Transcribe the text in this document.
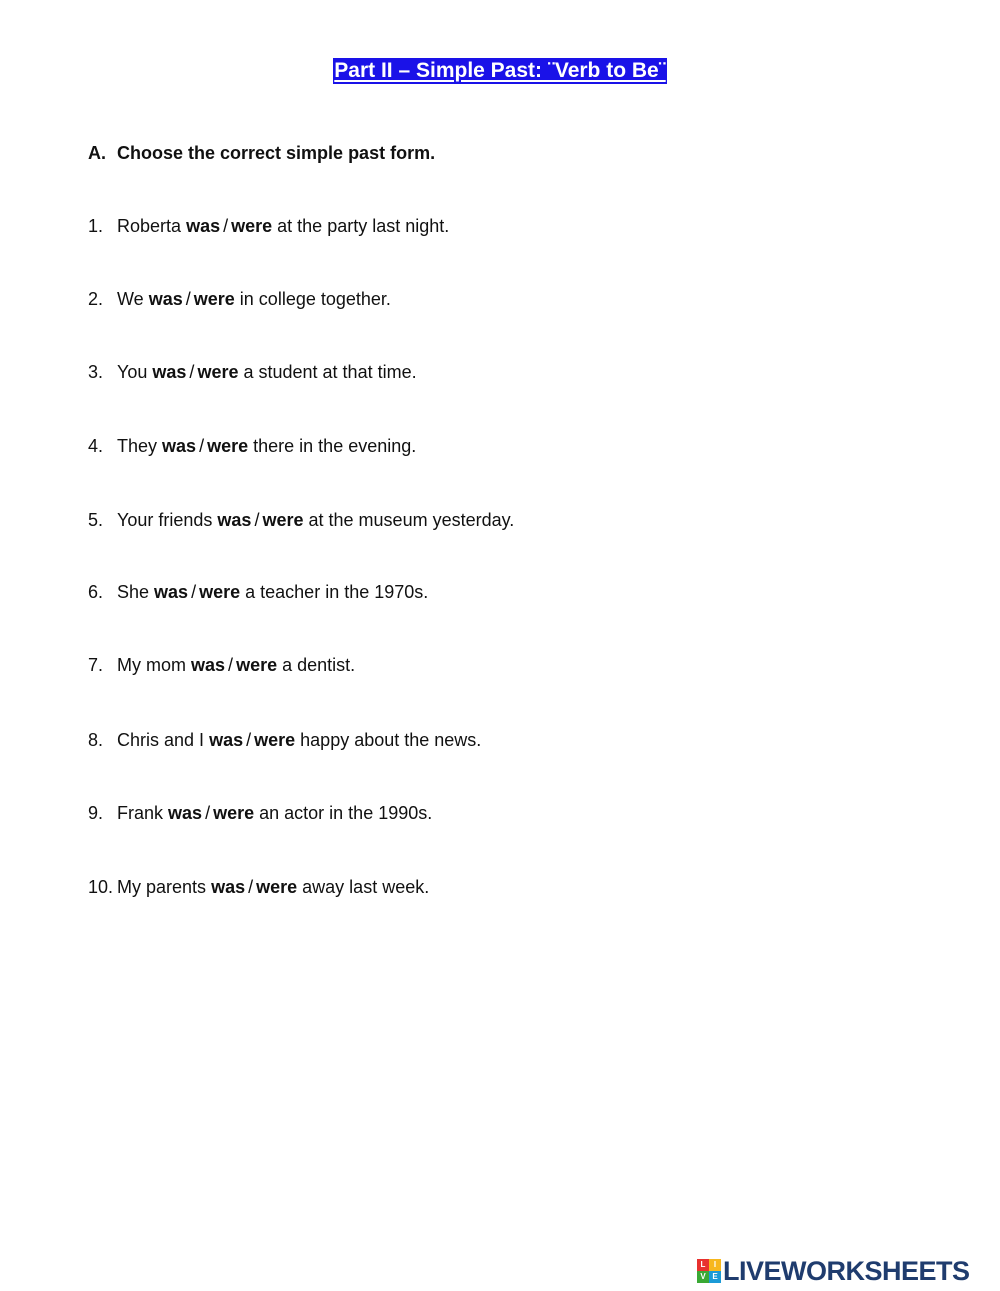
Part II – Simple Past: ¨Verb to Be¨
A. Choose the correct simple past form.
1. Roberta was / were at the party last night.
2. We was / were in college together.
3. You was / were a student at that time.
4. They was / were there in the evening.
5. Your friends was / were at the museum yesterday.
6. She was / were a teacher in the 1970s.
7. My mom was / were a dentist.
8. Chris and I was / were happy about the news.
9. Frank was / were an actor in the 1990s.
10. My parents was / were away last week.
L	I
V E LIVEWORKSHEETS
